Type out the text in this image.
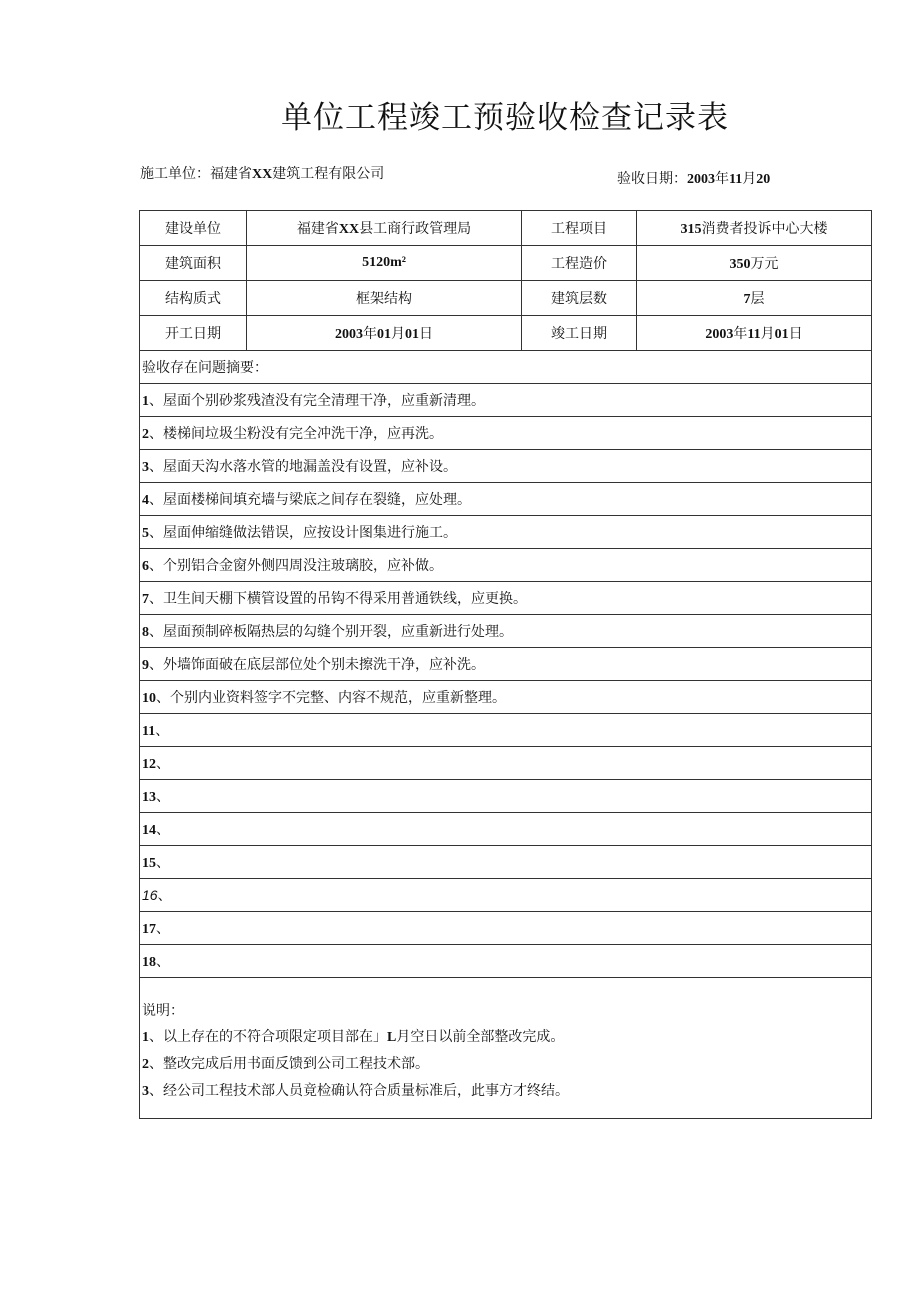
单位工程竣工预验收检查记录表
施工单位：福建省XX建筑工程有限公司	验收日期：2003年11月20
建设单位	福建省XX县工商行政管理局	工程项目	315消费者投诉中心大楼
建筑面积	5120m²	工程造价	350万元
结构质式	框架结构	建筑层数	7层
开工日期	2003年01月01日	竣工日期	2003年11月01日
验收存在问题摘要：			
1、屋面个别砂浆残渣没有完全清理干净，应重新清理。			
2、楼梯间垃圾尘粉没有完全冲洗干净，应再洗。			
3、屋面天沟水落水管的地漏盖没有设置，应补设。			
4、屋面楼梯间填充墙与梁底之间存在裂缝，应处理。			
5、屋面伸缩缝做法错误，应按设计图集进行施工。			
6、个别铝合金窗外侧四周没注玻璃胶，应补做。			
7、卫生间天棚下横管设置的吊钩不得采用普通铁线，应更换。			
8、屋面预制碎板隔热层的勾缝个别开裂，应重新进行处理。			
9、外墙饰面破在底层部位处个别未擦洗干净，应补洗。			
10、个别内业资料签字不完整、内容不规范，应重新整理。			
11、			
12、			
13、			
14、			
15、			
16、			
17、			
18、			

说明：
1、以上存在的不符合项限定项目部在」L月空日以前全部整改完成。
2、整改完成后用书面反馈到公司工程技术部。
3、经公司工程技术部人员竟检确认符合质量标准后，此事方才终结。			
